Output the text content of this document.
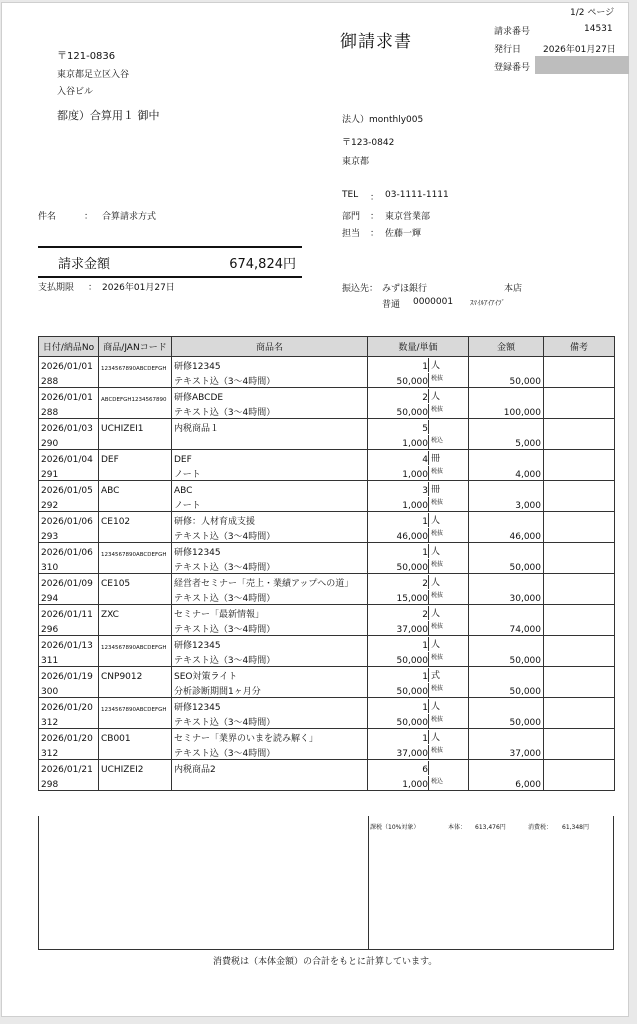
1/2 ページ
御請求書	請求番号	14531
発行日 2026年01月27日
登録番号
〒121-0836
東京都足立区入谷
入谷ビル
都度）合算用１ 御中	法人）monthly005
〒123-0842
東京都
TEL ： 03-1111-1111
部門 ： 東京営業部
担当 ： 佐藤一輝
件名	： 合算請求方式
請求金額	674,824円
支払期限 ： 2026年01月27日	振込先： みずほ銀行	本店
普通 0000001 ｽﾏｲﾙｱｲｱｲﾌﾞ
日付/納品No	商品/JANコード	商品名	数量/単価	金額	備考
2026/01/01	1234567890ABCDEFGH	研修12345	1 人		
288		テキスト込（3〜4時間）	50,000 税抜	50,000	
2026/01/01	ABCDEFGH1234567890	研修ABCDE	2 人		
288		テキスト込（3〜4時間）	50,000 税抜	100,000	
2026/01/03	UCHIZEI1	内税商品１	5		
290			1,000 税込	5,000	
2026/01/04	DEF	DEF	4 冊		
291		ノート	1,000 税抜	4,000	
2026/01/05	ABC	ABC	3 冊		
292		ノート	1,000 税抜	3,000	
2026/01/06	CE102	研修：人材育成支援	1 人		
293		テキスト込（3〜4時間）	46,000 税抜	46,000	
2026/01/06	1234567890ABCDEFGH	研修12345	1 人		
310		テキスト込（3〜4時間）	50,000 税抜	50,000	
2026/01/09	CE105	経営者セミナー「売上・業績アップへの道」	2 人		
294		テキスト込（3〜4時間）	15,000 税抜	30,000	
2026/01/11	ZXC	セミナー「最新情報」	2 人		
296		テキスト込（3〜4時間）	37,000 税抜	74,000	
2026/01/13	1234567890ABCDEFGH	研修12345	1 人		
311		テキスト込（3〜4時間）	50,000 税抜	50,000	
2026/01/19	CNP9012	SEO対策ライト	1 式		
300		分析診断期間1ヶ月分	50,000 税抜	50,000	
2026/01/20	1234567890ABCDEFGH	研修12345	1 人		
312		テキスト込（3〜4時間）	50,000 税抜	50,000	
2026/01/20	CB001	セミナー「業界のいまを読み解く」	1 人		
312		テキスト込（3〜4時間）	37,000 税抜	37,000	
2026/01/21	UCHIZEI2	内税商品2	6		
298			1,000 税込	6,000	
課税（10%対象）	本体： 613,476円	消費税： 61,348円
消費税は（本体金額）の合計をもとに計算しています。
